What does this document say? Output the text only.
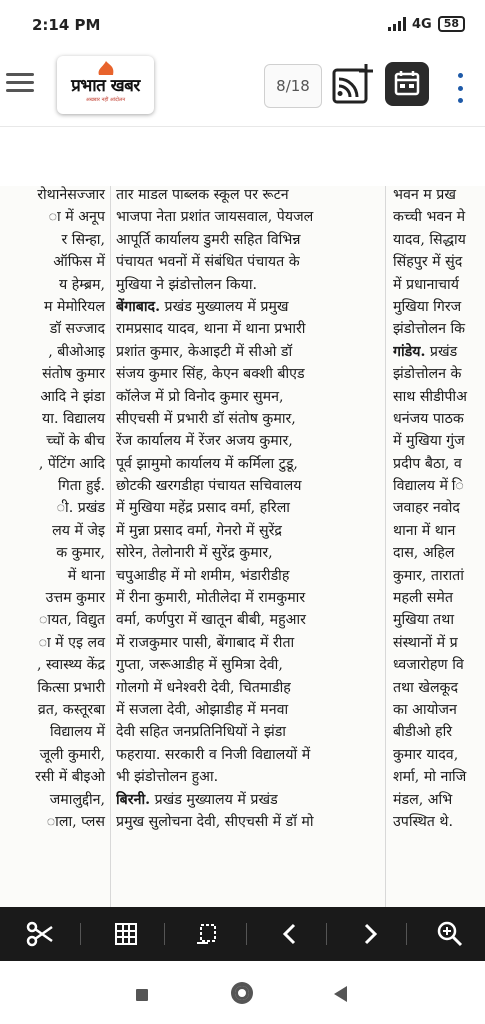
2:14 PM	4G	58
प्रभात खबर
अखबार नहीं आंदोलन
8/18
रोथानेसज्जार
ा में अनूप
र सिन्हा,
ऑफिस में
य हेम्ब्रम,
म मेमोरियल
डॉ सज्जाद
, बीओआइ
संतोष कुमार
आदि ने झंडा
या. विद्यालय
च्चों के बीच
, पेंटिंग आदि
गिता हुई.
ी. प्रखंड
लय में जेइ
क कुमार,
में थाना
उत्तम कुमार
ायत, विद्युत
ा में एइ लव
, स्वास्थ्य केंद्र
कित्सा प्रभारी
व्रत, कस्तूरबा
विद्यालय में
जूली कुमारी,
रसी में बीइओ
जमालुद्दीन,
ाला, प्लस
तार माडल पाब्लक स्कूल पर रूटन
भाजपा नेता प्रशांत जायसवाल, पेयजल
आपूर्ति कार्यालय डुमरी सहित विभिन्न
पंचायत भवनों में संबंधित पंचायत के
मुखिया ने झंडोत्तोलन किया.
बेंगाबाद. प्रखंड मुख्यालय में प्रमुख
रामप्रसाद यादव, थाना में थाना प्रभारी
प्रशांत कुमार, केआइटी में सीओ डॉ
संजय कुमार सिंह, केएन बक्शी बीएड
कॉलेज में प्रो विनोद कुमार सुमन,
सीएचसी में प्रभारी डॉ संतोष कुमार,
रेंज कार्यालय में रेंजर अजय कुमार,
पूर्व झामुमो कार्यालय में कर्मिला टुडू,
छोटकी खरगडीहा पंचायत सचिवालय
में मुखिया महेंद्र प्रसाद वर्मा, हरिला
में मुन्ना प्रसाद वर्मा, गेनरो में सुरेंद्र
सोरेन, तेलोनारी में सुरेंद्र कुमार,
चपुआडीह में मो शमीम, भंडारीडीह
में रीना कुमारी, मोतीलेदा में रामकुमार
वर्मा, कर्णपुरा में खातून बीबी, महुआर
में राजकुमार पासी, बेंगाबाद में रीता
गुप्ता, जरूआडीह में सुमित्रा देवी,
गोलगो में धनेश्वरी देवी, चितमाडीह
में सजला देवी, ओझाडीह में मनवा
देवी सहित जनप्रतिनिधियों ने झंडा
फहराया. सरकारी व निजी विद्यालयों में
भी झंडोत्तोलन हुआ.
बिरनी. प्रखंड मुख्यालय में प्रखंड
प्रमुख सुलोचना देवी, सीएचसी में डॉ मो
भवन म प्रख
कच्ची भवन मे
यादव, सिद्धाय
सिंहपुर में सुंद
में प्रधानाचार्य
मुखिया गिरज
झंडोत्तोलन कि
गांडेय. प्रखंड
झंडोत्तोलन के
साथ सीडीपीअ
धनंजय पाठक
में मुखिया गुंज
प्रदीप बैठा, व
विद्यालय में ि
जवाहर नवोद
थाना में थान
दास, अहिल
कुमार, तारातां
महली समेत
मुखिया तथा
संस्थानों में प्र
ध्वजारोहण वि
तथा खेलकूद
का आयोजन
बीडीओ हरि
कुमार यादव,
शर्मा, मो नाजि
मंडल, अभि
उपस्थित थे.
